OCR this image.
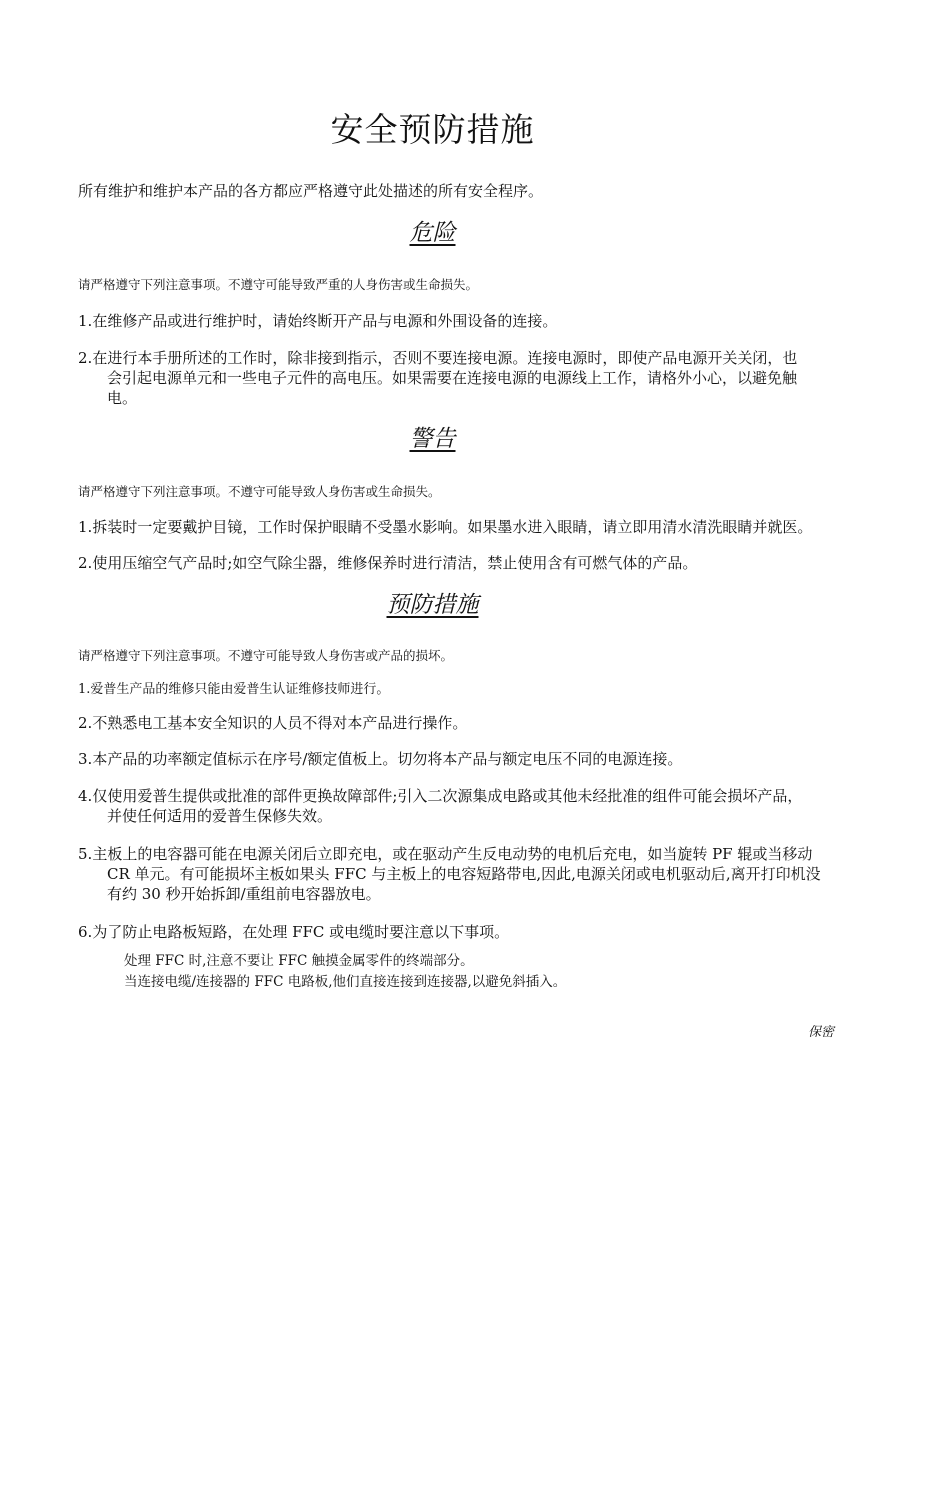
安全预防措施
所有维护和维护本产品的各方都应严格遵守此处描述的所有安全程序。
危险
请严格遵守下列注意事项。不遵守可能导致严重的人身伤害或生命损失。
1.在维修产品或进行维护时，请始终断开产品与电源和外围设备的连接。
2.在进行本手册所述的工作时，除非接到指示，否则不要连接电源。连接电源时，即使产品电源开关关闭，也
会引起电源单元和一些电子元件的高电压。如果需要在连接电源的电源线上工作，请格外小心，以避免触
电。
警告
请严格遵守下列注意事项。不遵守可能导致人身伤害或生命损失。
1.拆装时一定要戴护目镜，工作时保护眼睛不受墨水影响。如果墨水进入眼睛，请立即用清水清洗眼睛并就医。
2.使用压缩空气产品时;如空气除尘器，维修保养时进行清洁，禁止使用含有可燃气体的产品。
预防措施
请严格遵守下列注意事项。不遵守可能导致人身伤害或产品的损坏。
1.爱普生产品的维修只能由爱普生认证维修技师进行。
2.不熟悉电工基本安全知识的人员不得对本产品进行操作。
3.本产品的功率额定值标示在序号/额定值板上。切勿将本产品与额定电压不同的电源连接。
4.仅使用爱普生提供或批准的部件更换故障部件;引入二次源集成电路或其他未经批准的组件可能会损坏产品，
并使任何适用的爱普生保修失效。
5.主板上的电容器可能在电源关闭后立即充电，或在驱动产生反电动势的电机后充电，如当旋转 PF 辊或当移动
CR 单元。有可能损坏主板如果头 FFC 与主板上的电容短路带电,因此,电源关闭或电机驱动后,离开打印机没
有约 30 秒开始拆卸/重组前电容器放电。
6.为了防止电路板短路，在处理 FFC 或电缆时要注意以下事项。
处理 FFC 时,注意不要让 FFC 触摸金属零件的终端部分。
当连接电缆/连接器的 FFC 电路板,他们直接连接到连接器,以避免斜插入。
保密
